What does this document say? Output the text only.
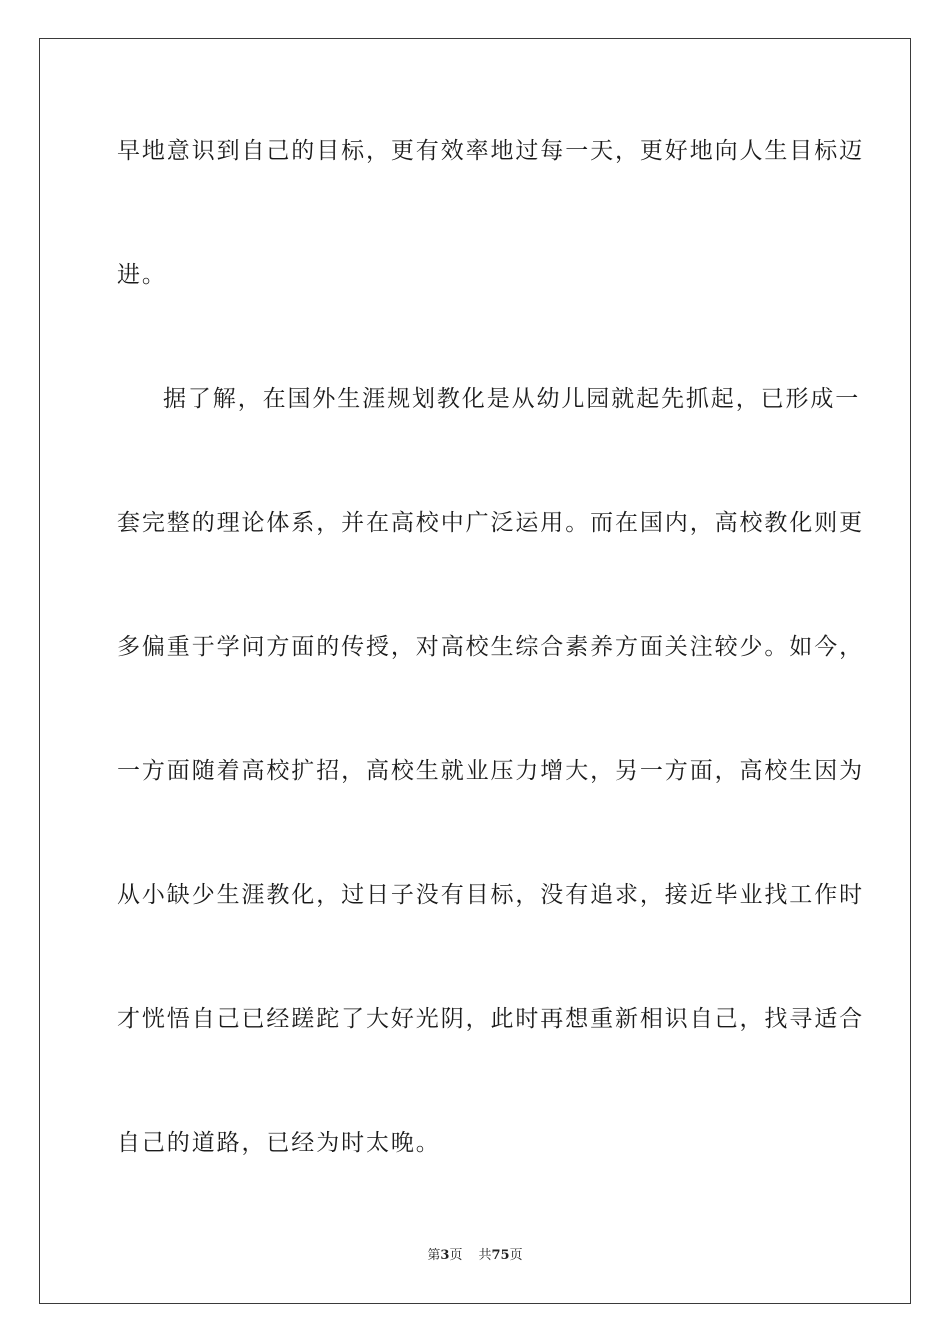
早地意识到自己的目标，更有效率地过每一天，更好地向人生目标迈
进。
据了解，在国外生涯规划教化是从幼儿园就起先抓起，已形成一
套完整的理论体系，并在高校中广泛运用。而在国内，高校教化则更
多偏重于学问方面的传授，对高校生综合素养方面关注较少。如今，
一方面随着高校扩招，高校生就业压力增大，另一方面，高校生因为
从小缺少生涯教化，过日子没有目标，没有追求，接近毕业找工作时
才恍悟自己已经蹉跎了大好光阴，此时再想重新相识自己，找寻适合
自己的道路，已经为时太晚。
第3页 共75页
